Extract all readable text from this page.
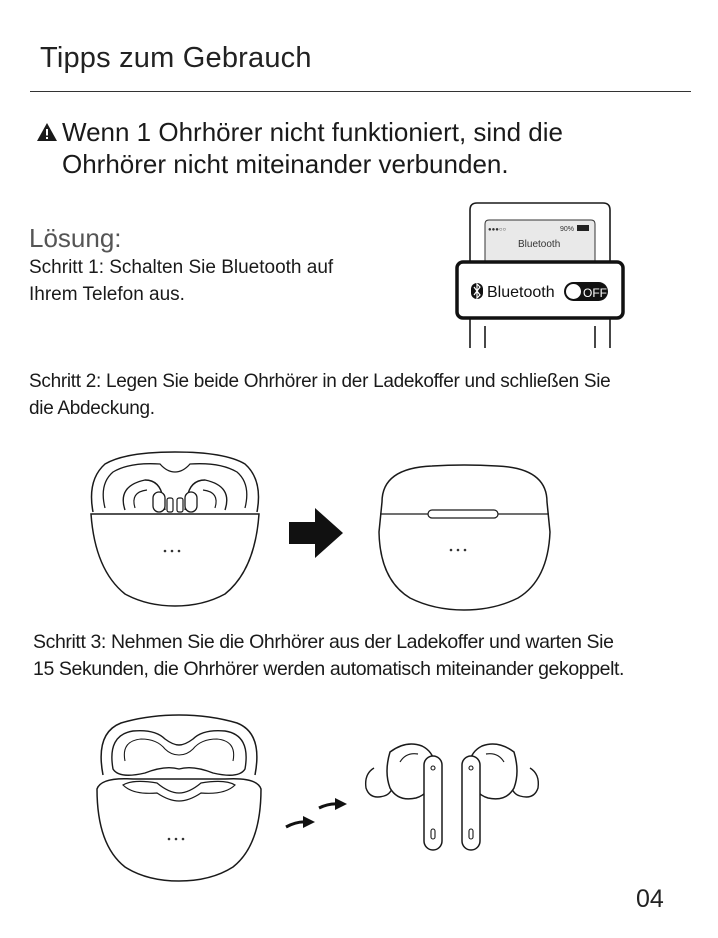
Tipps zum Gebrauch
Wenn 1 Ohrhörer nicht funktioniert, sind die
Ohrhörer nicht miteinander verbunden.
Lösung:
Schritt 1: Schalten Sie Bluetooth auf
Ihrem Telefon aus.
●●●○○	90%
Bluetooth
Bluetooth OFF
Schritt 2: Legen Sie beide Ohrhörer in der Ladekoffer und schließen Sie
die Abdeckung.
Schritt 3: Nehmen Sie die Ohrhörer aus der Ladekoffer und warten Sie
15 Sekunden, die Ohrhörer werden automatisch miteinander gekoppelt.
04
